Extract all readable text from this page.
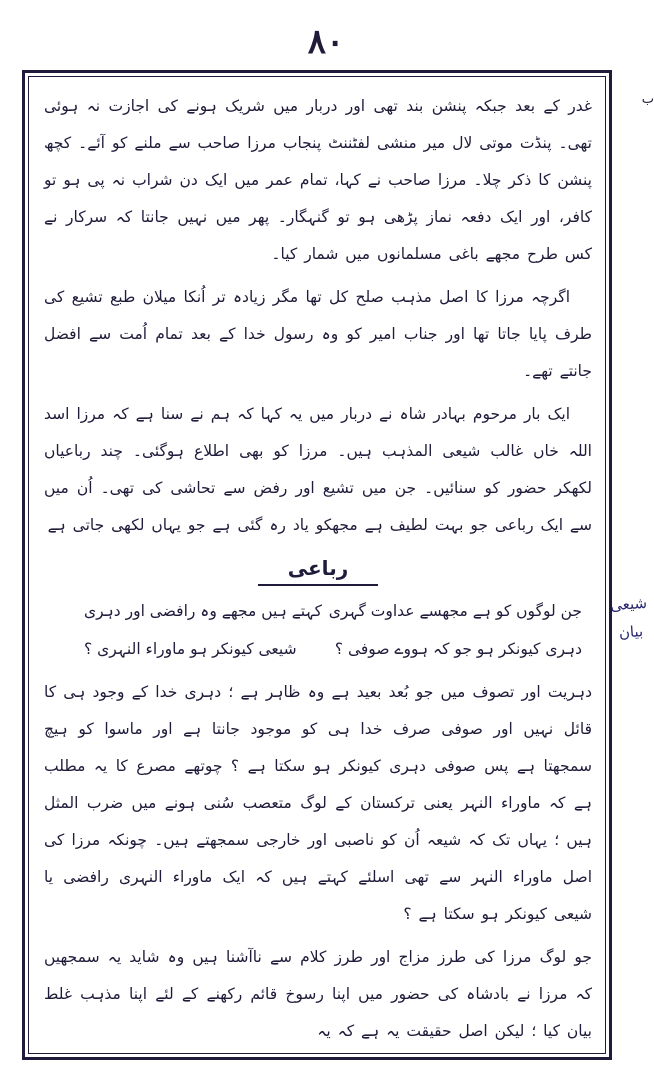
٨٠
ب
شیعی بیان

غدر کے بعد جبکہ پنشن بند تھی اور دربار میں شریک ہونے کی اجازت نہ ہوئی تھی۔ پنڈت موتی لال میر منشی لفٹننٹ پنجاب مرزا صاحب سے ملنے کو آئے۔ کچھ پنشن کا ذکر چلا۔ مرزا صاحب نے کہا، تمام عمر میں ایک دن شراب نہ پی ہو تو کافر، اور ایک دفعہ نماز پڑھی ہو تو گنہگار۔ پھر میں نہیں جانتا کہ سرکار نے کس طرح مجھے باغی مسلمانوں میں شمار کیا۔

اگرچہ مرزا کا اصل مذہب صلح کل تھا مگر زیادہ تر اُنکا میلان طبع تشیع کی طرف پایا جاتا تھا اور جناب امیر کو وہ رسول خدا کے بعد تمام اُمت سے افضل جانتے تھے۔

ایک بار مرحوم بہادر شاہ نے دربار میں یہ کہا کہ ہم نے سنا ہے کہ مرزا اسد اللہ خاں غالب شیعی المذہب ہیں۔ مرزا کو بھی اطلاع ہوگئی۔ چند رباعیاں لکھکر حضور کو سنائیں۔ جن میں تشیع اور رفض سے تحاشی کی تھی۔ اُن میں سے ایک رباعی جو بہت لطیف ہے مجھکو یاد رہ گئی ہے جو یہاں لکھی جاتی ہے

رباعی
جن لوگوں کو ہے مجھسے عداوت گہری
کہتے ہیں مجھے وہ رافضی اور دہری
دہری کیونکر ہو جو کہ ہووے صوفی ؟
شیعی کیونکر ہو ماوراء النہری ؟

دہریت اور تصوف میں جو بُعد بعید ہے وہ ظاہر ہے ؛ دہری خدا کے وجود ہی کا قائل نہیں اور صوفی صرف خدا ہی کو موجود جانتا ہے اور ماسوا کو ہیچ سمجھتا ہے پس صوفی دہری کیونکر ہو سکتا ہے ؟ چوتھے مصرع کا یہ مطلب ہے کہ ماوراء النہر یعنی ترکستان کے لوگ متعصب سُنی ہونے میں ضرب المثل ہیں ؛ یہاں تک کہ شیعہ اُن کو ناصبی اور خارجی سمجھتے ہیں۔ چونکہ مرزا کی اصل ماوراء النہر سے تھی اسلئے کہتے ہیں کہ ایک ماوراء النہری رافضی یا شیعی کیونکر ہو سکتا ہے ؟

جو لوگ مرزا کی طرز مزاج اور طرز کلام سے ناآشنا ہیں وہ شاید یہ سمجھیں کہ مرزا نے بادشاہ کی حضور میں اپنا رسوخ قائم رکھنے کے لئے اپنا مذہب غلط بیان کیا ؛ لیکن اصل حقیقت یہ ہے کہ یہ
